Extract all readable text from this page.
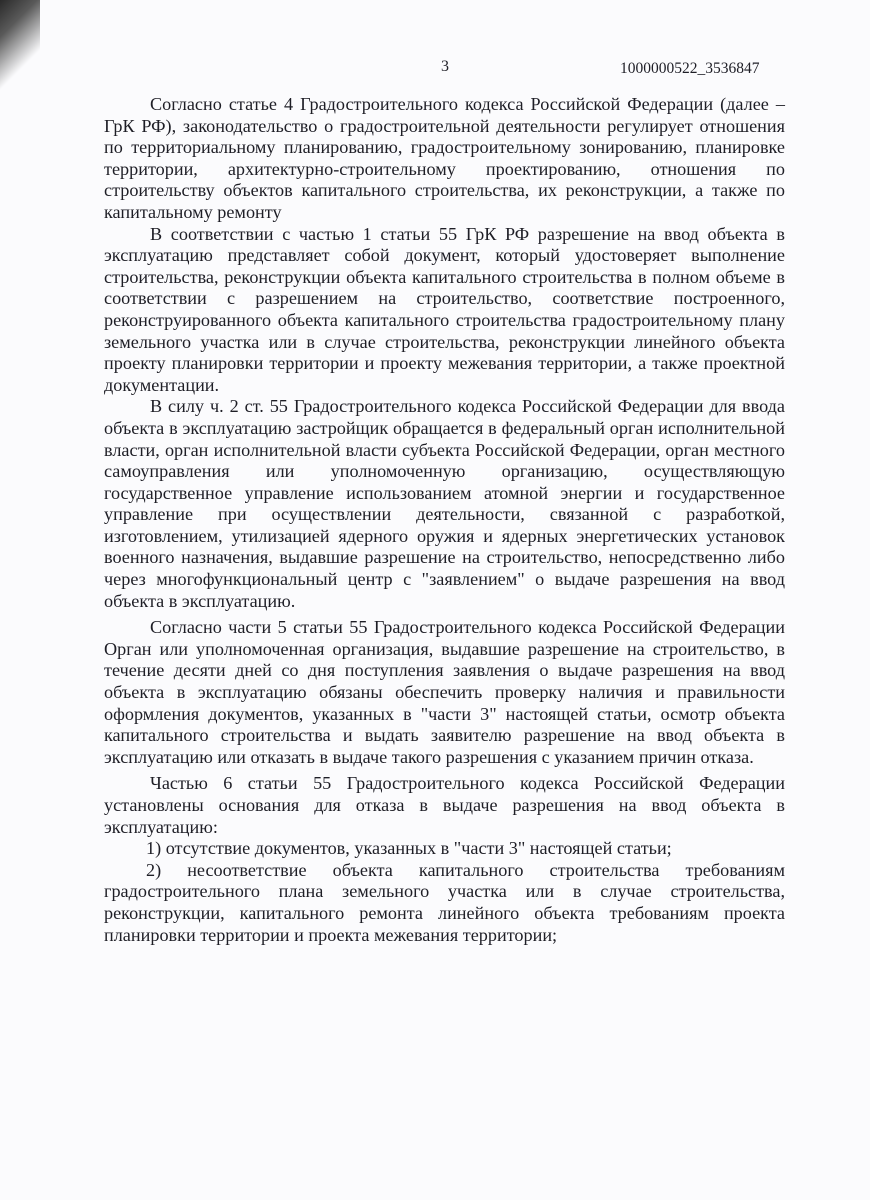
3	1000000522_3536847

Согласно статье 4 Градостроительного кодекса Российской Федерации (далее – ГрК РФ), законодательство о градостроительной деятельности регулирует отношения по территориальному планированию, градостроительному зонированию, планировке территории, архитектурно-строительному проектированию, отношения по строительству объектов капитального строительства, их реконструкции, а также по капитальному ремонту

В соответствии с частью 1 статьи 55 ГрК РФ разрешение на ввод объекта в эксплуатацию представляет собой документ, который удостоверяет выполнение строительства, реконструкции объекта капитального строительства в полном объеме в соответствии с разрешением на строительство, соответствие построенного, реконструированного объекта капитального строительства градостроительному плану земельного участка или в случае строительства, реконструкции линейного объекта проекту планировки территории и проекту межевания территории, а также проектной документации.

В силу ч. 2 ст. 55 Градостроительного кодекса Российской Федерации для ввода объекта в эксплуатацию застройщик обращается в федеральный орган исполнительной власти, орган исполнительной власти субъекта Российской Федерации, орган местного самоуправления или уполномоченную организацию, осуществляющую государственное управление использованием атомной энергии и государственное управление при осуществлении деятельности, связанной с разработкой, изготовлением, утилизацией ядерного оружия и ядерных энергетических установок военного назначения, выдавшие разрешение на строительство, непосредственно либо через многофункциональный центр с "заявлением" о выдаче разрешения на ввод объекта в эксплуатацию.

Согласно части 5 статьи 55 Градостроительного кодекса Российской Федерации Орган или уполномоченная организация, выдавшие разрешение на строительство, в течение десяти дней со дня поступления заявления о выдаче разрешения на ввод объекта в эксплуатацию обязаны обеспечить проверку наличия и правильности оформления документов, указанных в "части 3" настоящей статьи, осмотр объекта капитального строительства и выдать заявителю разрешение на ввод объекта в эксплуатацию или отказать в выдаче такого разрешения с указанием причин отказа.

Частью 6 статьи 55 Градостроительного кодекса Российской Федерации установлены основания для отказа в выдаче разрешения на ввод объекта в эксплуатацию:

1) отсутствие документов, указанных в "части 3" настоящей статьи;

2) несоответствие объекта капитального строительства требованиям градостроительного плана земельного участка или в случае строительства, реконструкции, капитального ремонта линейного объекта требованиям проекта планировки территории и проекта межевания территории;
